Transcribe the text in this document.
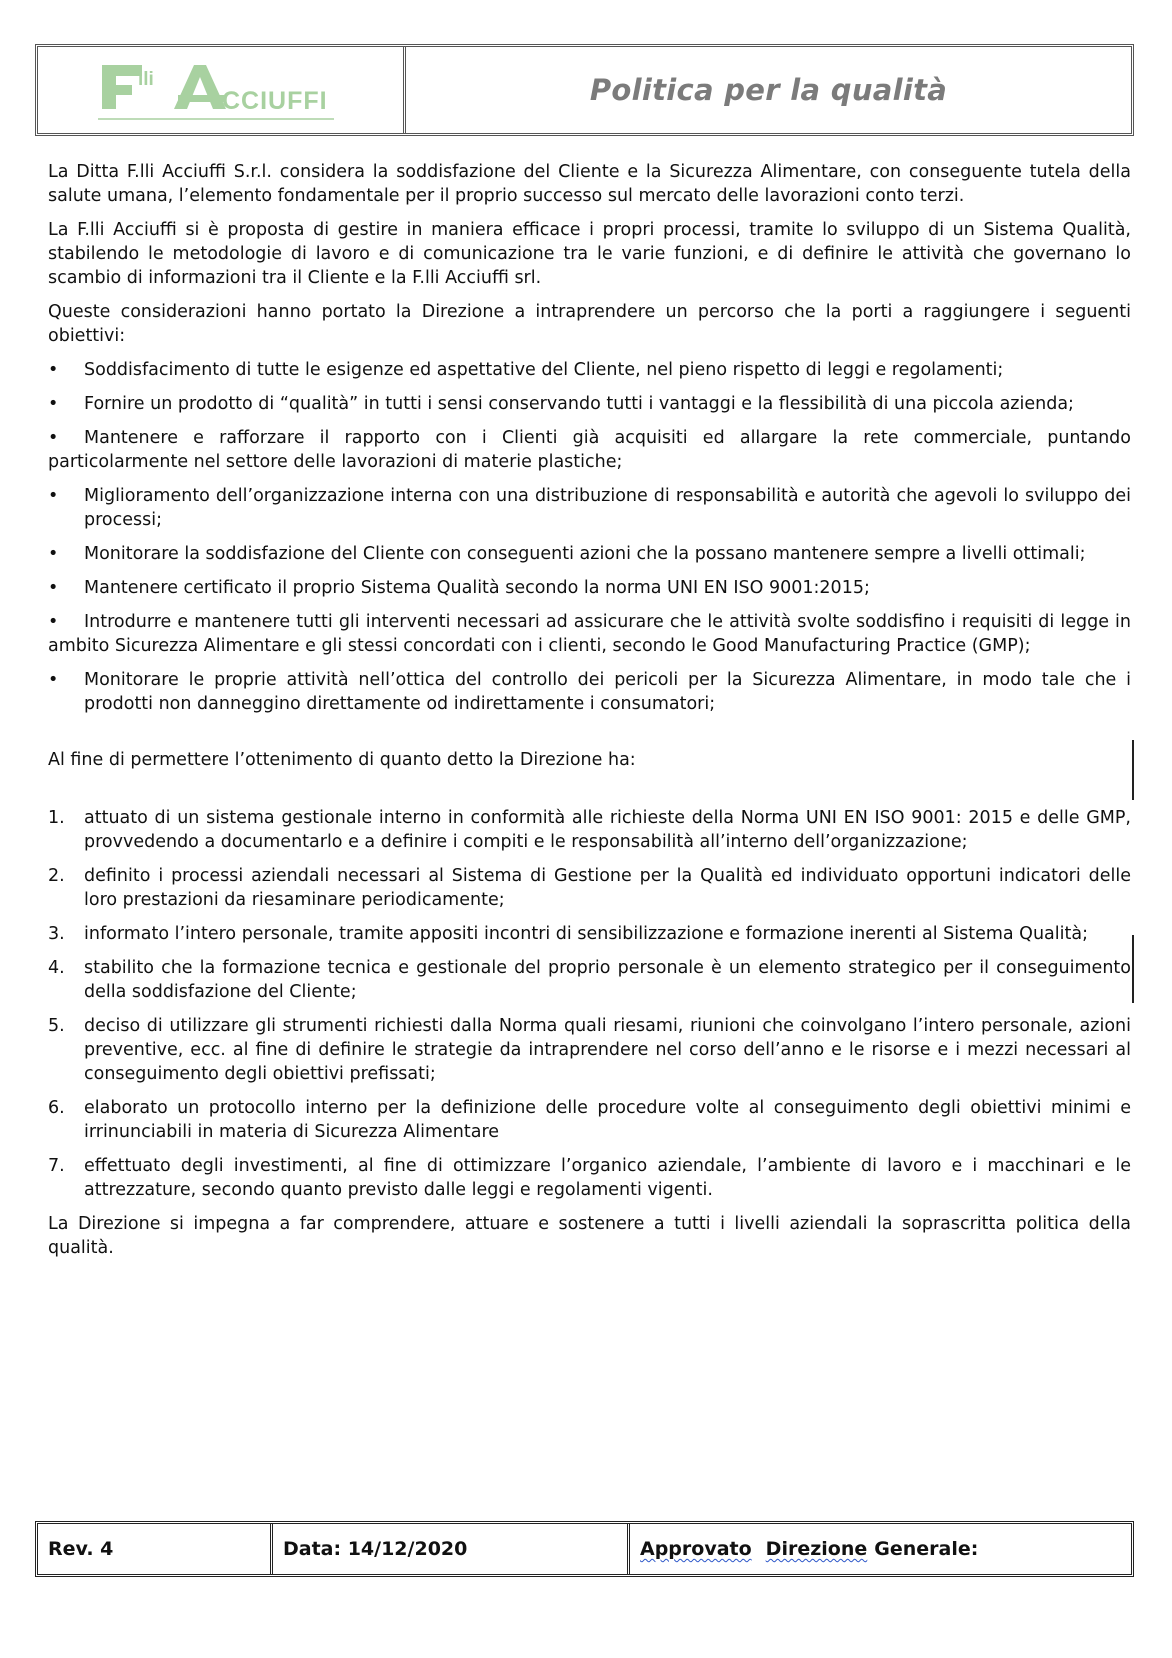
lli
CCIUFFI	Politica per la qualità

La Ditta F.lli Acciuffi S.r.l. considera la soddisfazione del Cliente e la Sicurezza Alimentare, con conseguente tutela della salute umana, l’elemento fondamentale per il proprio successo sul mercato delle lavorazioni conto terzi.

La F.lli Acciuffi si è proposta di gestire in maniera efficace i propri processi, tramite lo sviluppo di un Sistema Qualità, stabilendo le metodologie di lavoro e di comunicazione tra le varie funzioni, e di definire le attività che governano lo scambio di informazioni tra il Cliente e la F.lli Acciuffi srl.

Queste considerazioni hanno portato la Direzione a intraprendere un percorso che la porti a raggiungere i seguenti obiettivi:

•	Soddisfacimento di tutte le esigenze ed aspettative del Cliente, nel pieno rispetto di leggi e regolamenti;

•	Fornire un prodotto di “qualità” in tutti i sensi conservando tutti i vantaggi e la flessibilità di una piccola azienda;

•	Mantenere e rafforzare il rapporto con i Clienti già acquisiti ed allargare la rete commerciale, puntando particolarmente nel settore delle lavorazioni di materie plastiche;

•	Miglioramento dell’organizzazione interna con una distribuzione di responsabilità e autorità che agevoli lo sviluppo dei processi;

•	Monitorare la soddisfazione del Cliente con conseguenti azioni che la possano mantenere sempre a livelli ottimali;

•	Mantenere certificato il proprio Sistema Qualità secondo la norma UNI EN ISO 9001:2015;

•	Introdurre e mantenere tutti gli interventi necessari ad assicurare che le attività svolte soddisfino i requisiti di legge in ambito Sicurezza Alimentare e gli stessi concordati con i clienti, secondo le Good Manufacturing Practice (GMP);

•	Monitorare le proprie attività nell’ottica del controllo dei pericoli per la Sicurezza Alimentare, in modo tale che i prodotti non danneggino direttamente od indirettamente i consumatori;

Al fine di permettere l’ottenimento di quanto detto la Direzione ha:

1.	attuato di un sistema gestionale interno in conformità alle richieste della Norma UNI EN ISO 9001: 2015 e delle GMP, provvedendo a documentarlo e a definire i compiti e le responsabilità all’interno dell’organizzazione;

2.	definito i processi aziendali necessari al Sistema di Gestione per la Qualità ed individuato opportuni indicatori delle loro prestazioni da riesaminare periodicamente;

3.	informato l’intero personale, tramite appositi incontri di sensibilizzazione e formazione inerenti al Sistema Qualità;

4.	stabilito che la formazione tecnica e gestionale del proprio personale è un elemento strategico per il conseguimento della soddisfazione del Cliente;

5.	deciso di utilizzare gli strumenti richiesti dalla Norma quali riesami, riunioni che coinvolgano l’intero personale, azioni preventive, ecc. al fine di definire le strategie da intraprendere nel corso dell’anno e le risorse e i mezzi necessari al conseguimento degli obiettivi prefissati;

6.	elaborato un protocollo interno per la definizione delle procedure volte al conseguimento degli obiettivi minimi e irrinunciabili in materia di Sicurezza Alimentare

7.	effettuato degli investimenti, al fine di ottimizzare l’organico aziendale, l’ambiente di lavoro e i macchinari e le attrezzature, secondo quanto previsto dalle leggi e regolamenti vigenti.

La Direzione si impegna a far comprendere, attuare e sostenere a tutti i livelli aziendali la soprascritta politica della qualità.

Rev. 4	Data: 14/12/2020	Approvato Direzione Generale:
